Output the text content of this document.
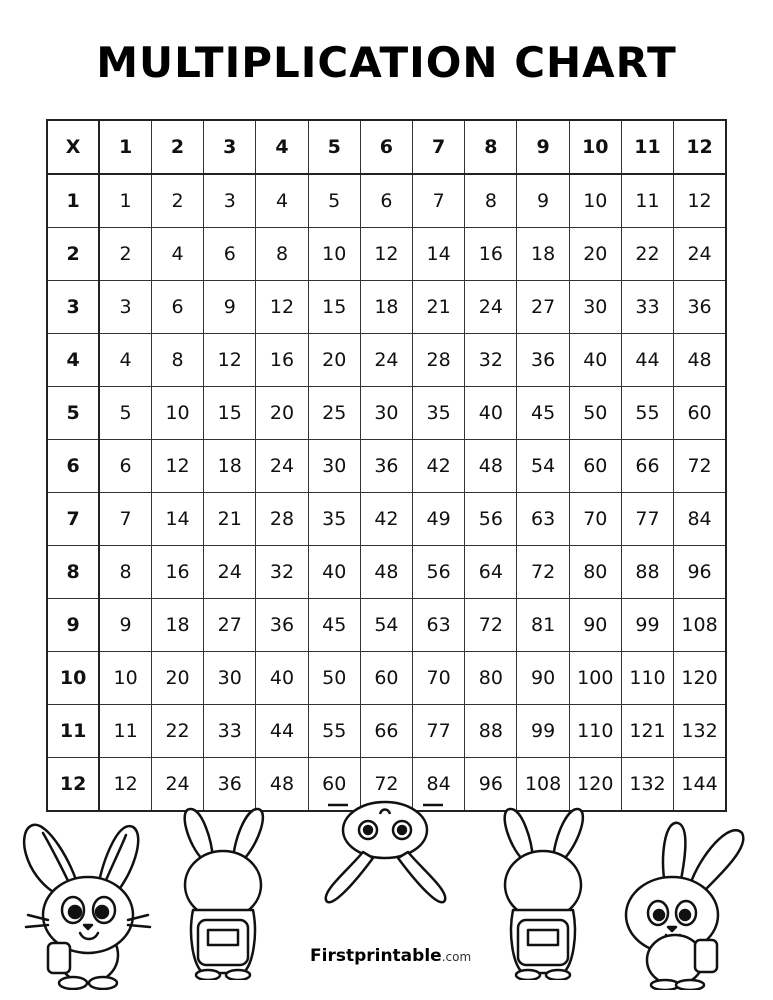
MULTIPLICATION CHART
X	1	2	3	4	5	6	7	8	9	10	11	12
1	1	2	3	4	5	6	7	8	9	10	11	12
2	2	4	6	8	10	12	14	16	18	20	22	24
3	3	6	9	12	15	18	21	24	27	30	33	36
4	4	8	12	16	20	24	28	32	36	40	44	48
5	5	10	15	20	25	30	35	40	45	50	55	60
6	6	12	18	24	30	36	42	48	54	60	66	72
7	7	14	21	28	35	42	49	56	63	70	77	84
8	8	16	24	32	40	48	56	64	72	80	88	96
9	9	18	27	36	45	54	63	72	81	90	99	108
10	10	20	30	40	50	60	70	80	90	100	110	120
11	11	22	33	44	55	66	77	88	99	110	121	132
12	12	24	36	48	60	72	84	96	108	120	132	144
Firstprintable.com
